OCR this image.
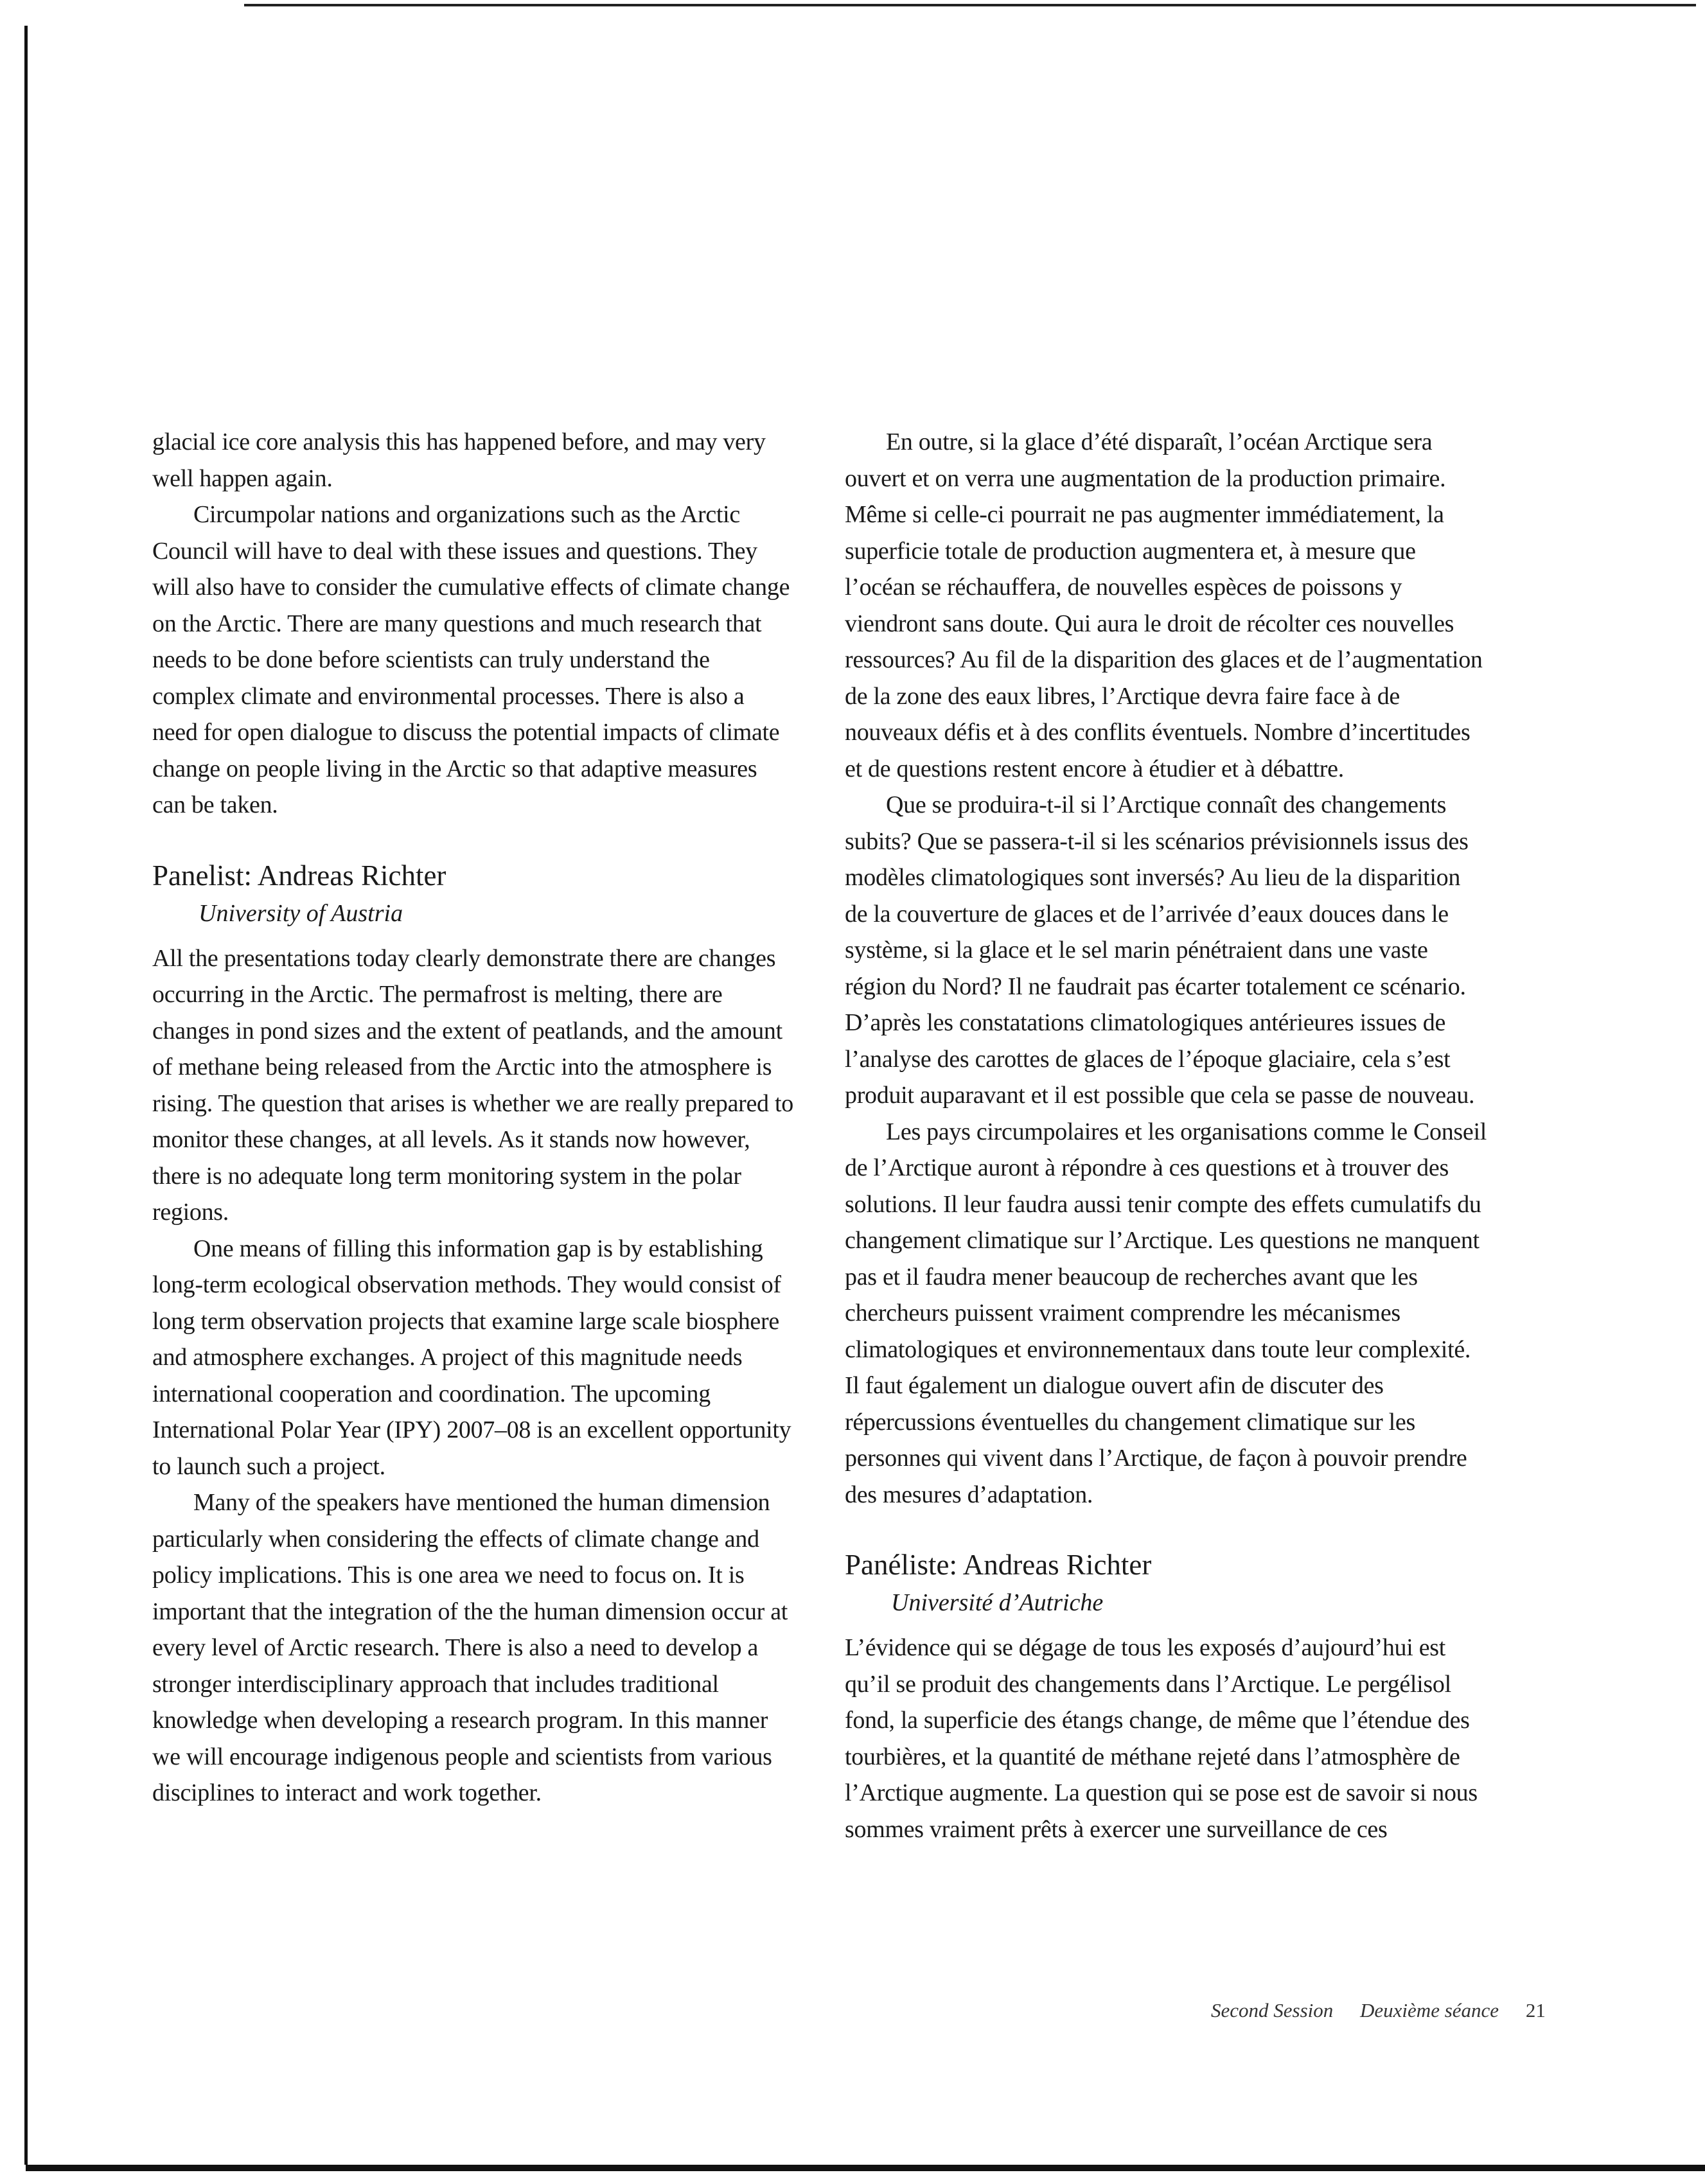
glacial ice core analysis this has happened before, and may very well happen again.

Circumpolar nations and organizations such as the Arctic Council will have to deal with these issues and questions. They will also have to consider the cumulative effects of climate change on the Arctic. There are many questions and much research that needs to be done before scientists can truly understand the complex climate and environmental processes. There is also a need for open dialogue to discuss the potential impacts of climate change on people living in the Arctic so that adaptive measures can be taken.

Panelist: Andreas Richter
University of Austria

All the presentations today clearly demonstrate there are changes occurring in the Arctic. The permafrost is melting, there are changes in pond sizes and the extent of peatlands, and the amount of methane being released from the Arctic into the atmosphere is rising. The question that arises is whether we are really prepared to monitor these changes, at all levels. As it stands now however, there is no adequate long term monitoring system in the polar regions.

One means of filling this information gap is by establishing long-term ecological observation methods. They would consist of long term observation projects that examine large scale biosphere and atmosphere exchanges. A project of this magnitude needs international cooperation and coordination. The upcoming International Polar Year (IPY) 2007–08 is an excellent opportunity to launch such a project.

Many of the speakers have mentioned the human dimension particularly when considering the effects of climate change and policy implications. This is one area we need to focus on. It is important that the integration of the the human dimension occur at every level of Arctic research. There is also a need to develop a stronger interdisciplinary approach that includes traditional knowledge when developing a research program. In this manner we will encourage indigenous people and scientists from various disciplines to interact and work together.

En outre, si la glace d’été disparaît, l’océan Arctique sera ouvert et on verra une augmentation de la production primaire. Même si celle-ci pourrait ne pas augmenter immédiatement, la superficie totale de production augmentera et, à mesure que l’océan se réchauffera, de nouvelles espèces de poissons y viendront sans doute. Qui aura le droit de récolter ces nouvelles ressources? Au fil de la disparition des glaces et de l’augmentation de la zone des eaux libres, l’Arctique devra faire face à de nouveaux défis et à des conflits éventuels. Nombre d’incertitudes et de questions restent encore à étudier et à débattre.

Que se produira-t-il si l’Arctique connaît des changements subits? Que se passera-t-il si les scénarios prévisionnels issus des modèles climatologiques sont inversés? Au lieu de la disparition de la couverture de glaces et de l’arrivée d’eaux douces dans le système, si la glace et le sel marin pénétraient dans une vaste région du Nord? Il ne faudrait pas écarter totalement ce scénario. D’après les constatations climatologiques antérieures issues de l’analyse des carottes de glaces de l’époque glaciaire, cela s’est produit auparavant et il est possible que cela se passe de nouveau.

Les pays circumpolaires et les organisations comme le Conseil de l’Arctique auront à répondre à ces questions et à trouver des solutions. Il leur faudra aussi tenir compte des effets cumulatifs du changement climatique sur l’Arctique. Les questions ne manquent pas et il faudra mener beaucoup de recherches avant que les chercheurs puissent vraiment comprendre les mécanismes climatologiques et environnementaux dans toute leur complexité. Il faut également un dialogue ouvert afin de discuter des répercussions éventuelles du changement climatique sur les personnes qui vivent dans l’Arctique, de façon à pouvoir prendre des mesures d’adaptation.

Panéliste: Andreas Richter
Université d’Autriche

L’évidence qui se dégage de tous les exposés d’aujourd’hui est qu’il se produit des changements dans l’Arctique. Le pergélisol fond, la superficie des étangs change, de même que l’étendue des tourbières, et la quantité de méthane rejeté dans l’atmosphère de l’Arctique augmente. La question qui se pose est de savoir si nous sommes vraiment prêts à exercer une surveillance de ces

Second Session Deuxième séance 21
